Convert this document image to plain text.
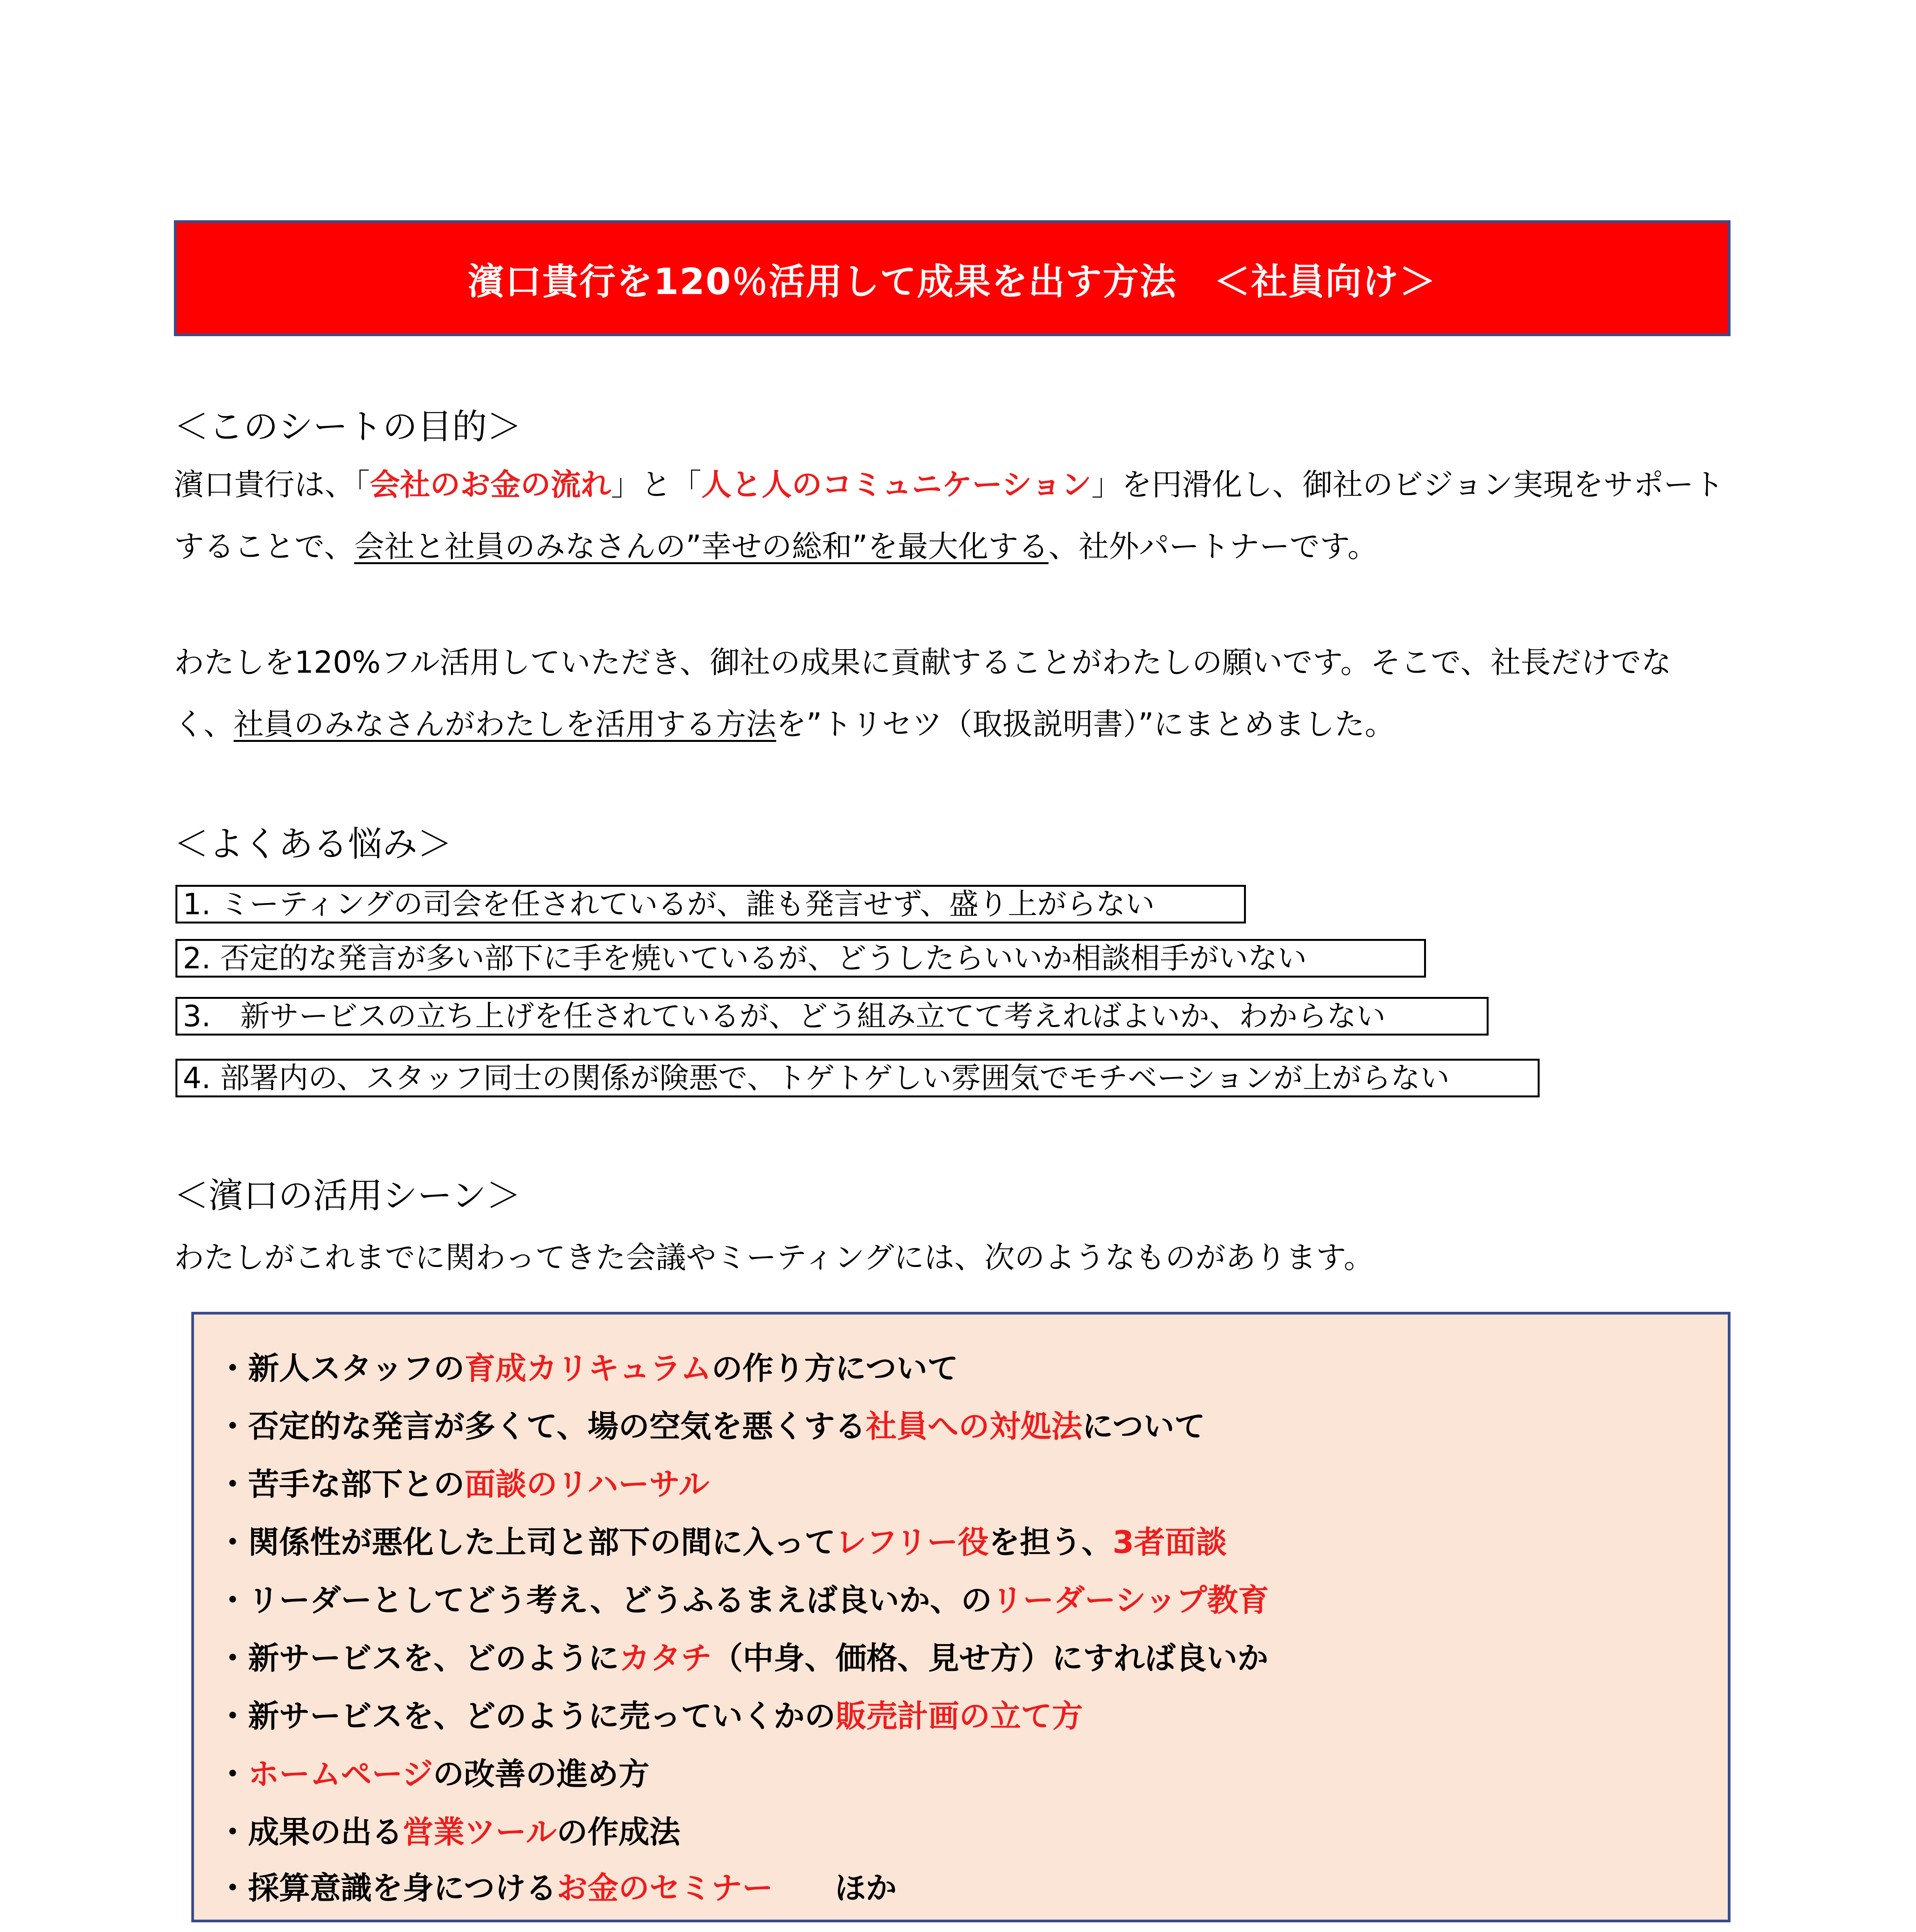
濱口貴行を120％活用して成果を出す方法　＜社員向け＞
＜このシートの目的＞
濱口貴行は、「会社のお金の流れ」と「人と人のコミュニケーション」を円滑化し、御社のビジョン実現をサポート
することで、会社と社員のみなさんの”幸せの総和”を最大化する、社外パートナーです。
わたしを120%フル活用していただき、御社の成果に貢献することがわたしの願いです。そこで、社長だけでな
く、社員のみなさんがわたしを活用する方法を”トリセツ（取扱説明書）”にまとめました。
＜よくある悩み＞
1. ミーティングの司会を任されているが、誰も発言せず、盛り上がらない
2. 否定的な発言が多い部下に手を焼いているが、どうしたらいいか相談相手がいない
3.　新サービスの立ち上げを任されているが、どう組み立てて考えればよいか、わからない
4. 部署内の、スタッフ同士の関係が険悪で、トゲトゲしい雰囲気でモチベーションが上がらない
＜濱口の活用シーン＞
わたしがこれまでに関わってきた会議やミーティングには、次のようなものがあります。
・新人スタッフの育成カリキュラムの作り方について
・否定的な発言が多くて、場の空気を悪くする社員への対処法について
・苦手な部下との面談のリハーサル
・関係性が悪化した上司と部下の間に入ってレフリー役を担う、3者面談
・リーダーとしてどう考え、どうふるまえば良いか、のリーダーシップ教育
・新サービスを、どのようにカタチ（中身、価格、見せ方）にすれば良いか
・新サービスを、どのように売っていくかの販売計画の立て方
・ホームページの改善の進め方
・成果の出る営業ツールの作成法
・採算意識を身につけるお金のセミナー　　ほか
